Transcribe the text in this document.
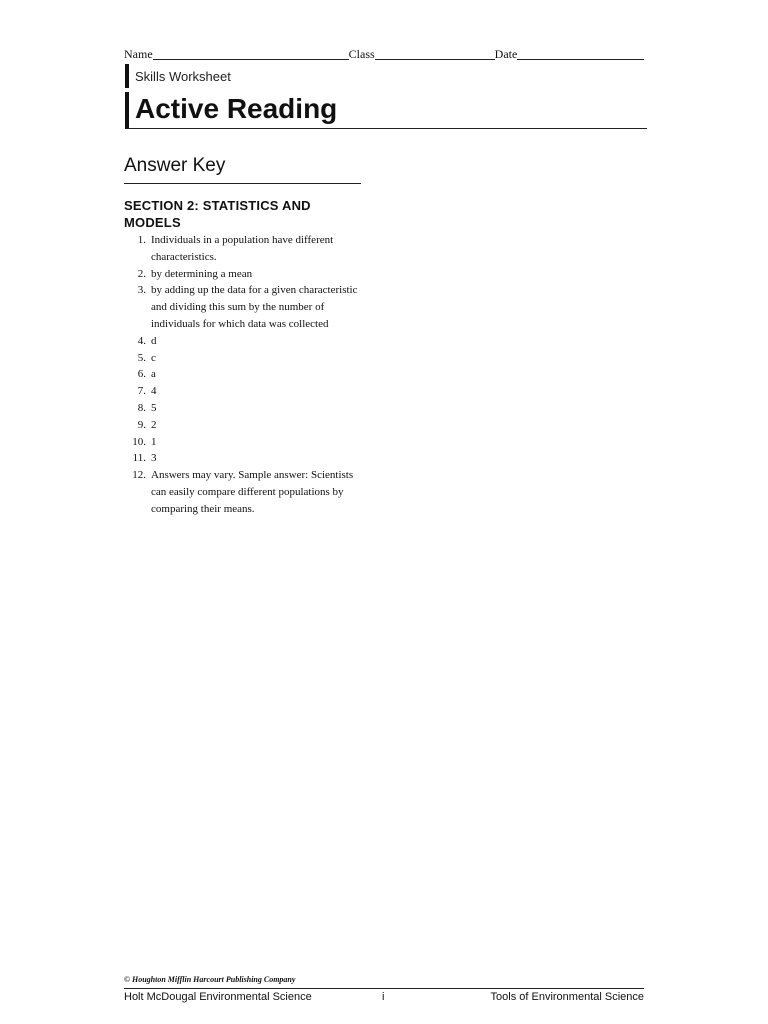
Name	Class	Date
Skills Worksheet
Active Reading
Answer Key
SECTION 2: STATISTICS AND MODELS
1. Individuals in a population have different characteristics.
2. by determining a mean
3. by adding up the data for a given characteristic and dividing this sum by the number of individuals for which data was collected
4. d
5. c
6. a
7. 4
8. 5
9. 2
10. 1
11. 3
12. Answers may vary. Sample answer: Scientists can easily compare different populations by comparing their means.
© Houghton Mifflin Harcourt Publishing Company
Holt McDougal Environmental Science	i	Tools of Environmental Science
